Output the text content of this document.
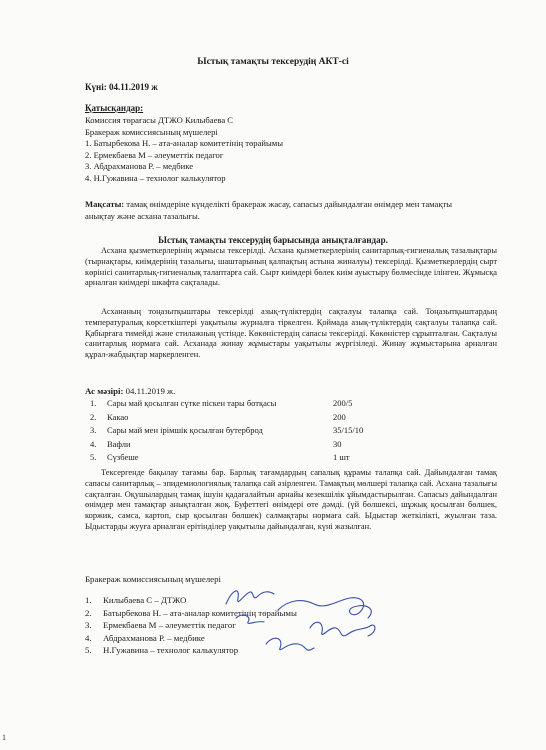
Ыстық тамақты тексерудің АКТ-сі
Күні: 04.11.2019 ж
Қатысқандар:
Комиссия төрағасы ДТЖО Килыбаева С
Бракераж комиссиясының мүшелері
1. Батырбекова Н. – ата-аналар комитетінің төрайымы
2. Ермекбаева М – әлеуметтік педагог
3. Абдрахманова Р. – медбике
4. Н.Гужавина – технолог калькулятор
Мақсаты: тамақ өнімдеріне күнделікті бракераж жасау, сапасыз дайындалған өнімдер мен тамақты анықтау және асхана тазалығы.
Ыстық тамақты тексерудің барысында анықталғандар.
Асхана қызметкерлерінің жұмысы тексерілді. Асхана қызметкерлерінің санитарлық-гигиеналық тазалықтары (тырнақтары, киімдерінің тазалығы, шаштарының қалпақтың астына жиналуы) тексерілді. Қызметкерлердің сырт көрінісі санитарлық-гигиеналық талаптарға сай. Сырт киімдері бөлек киім ауыстыру бөлмесінде ілінген. Жұмысқа арналған киімдері шкафта сақталады.
Асхананың тоңазытқыштары тексерілді азық-түліктердің сақталуы талапқа сай. Тоңазытқыштардың температуралық көрсеткіштері уақытылы журналға тіркелген. Қоймада азық-түліктердің сақталуы талапқа сай. Қабырғаға тимейді және стилажның үстінде. Көкөністердің сапасы тексерілді. Көкөністер сұрыпталған. Сақталуы санитарлық нормаға сай. Асханада жинау жұмыстары уақытылы жүргізіледі. Жинау жұмыстарына арналған құрал-жабдықтар маркерленген.
Ас мәзірі: 04.11.2019 ж.
1. Сары май қосылған сүтке піскен тары ботқасы	200/5
2. Какао	200
3. Сары май мен ірімшік қосылған бутерброд	35/15/10
4. Вафли	30
5. Сүзбеше	1 шт
Тексергенде бақылау тағамы бар. Барлық тағамдардың сапалық құрамы талапқа сай. Дайындалған тамақ сапасы санитарлық – эпидемиологиялық талапқа сай әзірленген. Тамақтың мөлшері талапқа сай. Асхана тазалығы сақталған. Оқушылардың тамақ ішуін қадағалайтын арнайы кезекшілік ұйымдастырылған. Сапасыз дайындалған өнімдер мен тамақтар анықталған жоқ. Буфеттегі өнімдері өте дәмді. (үй бөлшексі, шұжық қосылған бөлшек, коржик, самса, картоп, сыр қосылған бөлшек) салмақтары нормаға сай. Ыдыстар жеткілікті, жуылған таза. Ыдыстарды жууға арналған ерітінділер уақытылы дайындалған, күні жазылған.
Бракераж комиссиясының мүшелері
1. Килыбаева С – ДТЖО
2. Батырбекова Н. – ата-аналар комитетінің төрайымы
3. Ермекбаева М – әлеуметтік педагог
4. Абдрахманова Р. – медбике
5. Н.Гужавина – технолог калькулятор
1
